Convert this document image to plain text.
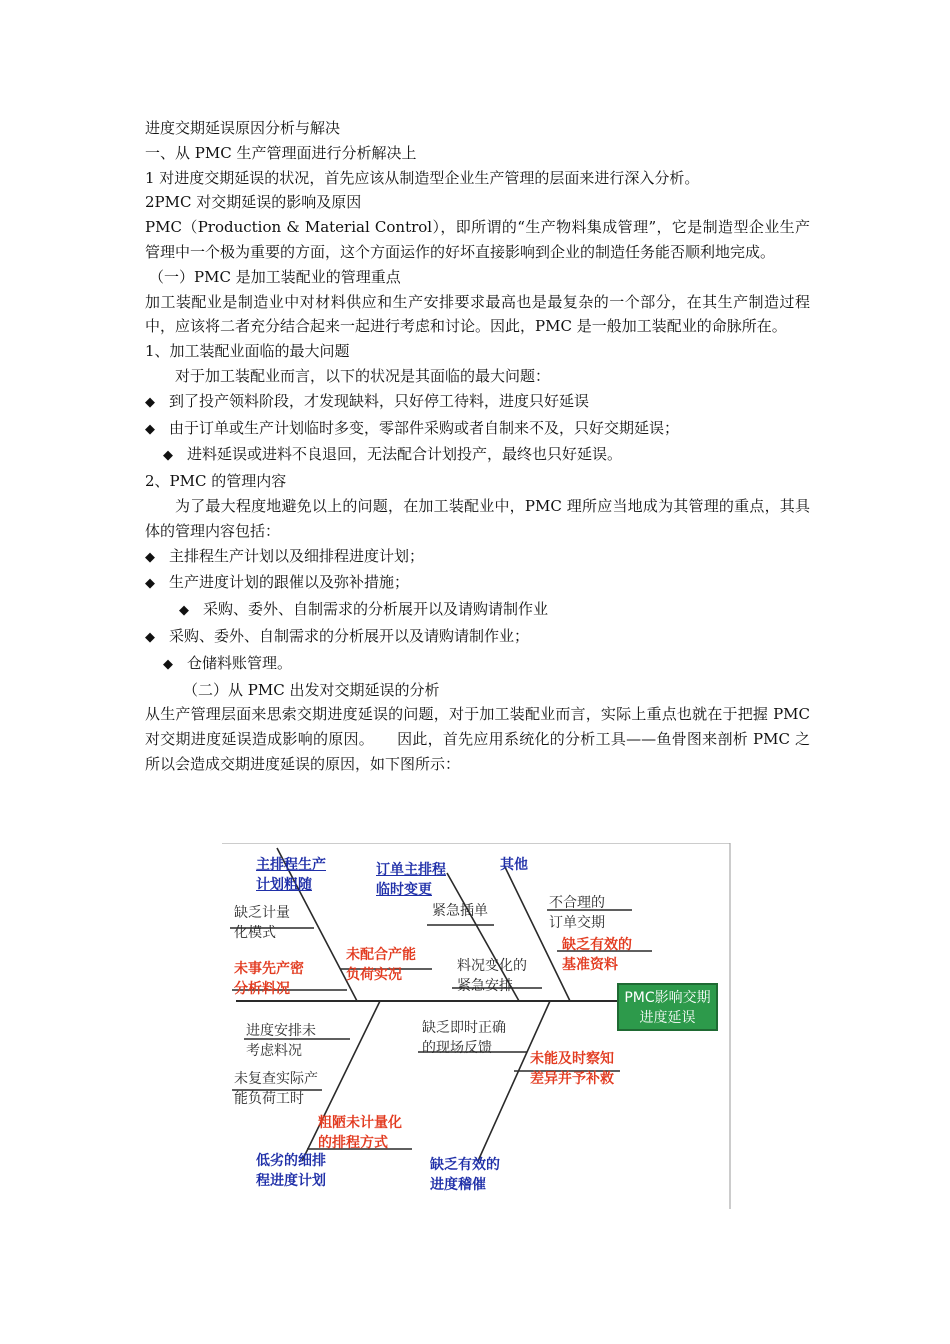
进度交期延误原因分析与解决

一、从 PMC 生产管理面进行分析解决上

1 对进度交期延误的状况，首先应该从制造型企业生产管理的层面来进行深入分析。

2PMC 对交期延误的影响及原因

PMC（Production & Material Control），即所谓的“生产物料集成管理”，它是制造型企业生产管理中一个极为重要的方面，这个方面运作的好坏直接影响到企业的制造任务能否顺利地完成。

（一）PMC 是加工装配业的管理重点

加工装配业是制造业中对材料供应和生产安排要求最高也是最复杂的一个部分，在其生产制造过程中，应该将二者充分结合起来一起进行考虑和讨论。因此，PMC 是一般加工装配业的命脉所在。

1、加工装配业面临的最大问题

对于加工装配业而言，以下的状况是其面临的最大问题：

◆ 到了投产领料阶段，才发现缺料，只好停工待料，进度只好延误

◆ 由于订单或生产计划临时多变，零部件采购或者自制来不及，只好交期延误；

◆ 进料延误或进料不良退回，无法配合计划投产，最终也只好延误。

2、PMC 的管理内容

为了最大程度地避免以上的问题，在加工装配业中，PMC 理所应当地成为其管理的重点，其具体的管理内容包括：

◆ 主排程生产计划以及细排程进度计划；

◆ 生产进度计划的跟催以及弥补措施；

◆ 采购、委外、自制需求的分析展开以及请购请制作业

◆ 采购、委外、自制需求的分析展开以及请购请制作业；

◆ 仓储料账管理。

（二）从 PMC 出发对交期延误的分析

从生产管理层面来思索交期进度延误的问题，对于加工装配业而言，实际上重点也就在于把握 PMC 对交期进度延误造成影响的原因。　　因此，首先应用系统化的分析工具——鱼骨图来剖析 PMC 之所以会造成交期进度延误的原因，如下图所示：

PMC影响交期
进度延误
主排程生产
计划粗随
订单主排程
临时变更
其他
低劣的细排
程进度计划
缺乏有效的
进度稽催
缺乏计量
化模式
未配合产能
负荷实况
未事先产密
分析料况
紧急插单
料况变化的
紧急安排
不合理的
订单交期
缺乏有效的
基准资料
进度安排未
考虑料况
未复查实际产
能负荷工时
粗陋未计量化
的排程方式
缺乏即时正确
的现场反馈
未能及时察知
差异并予补救
